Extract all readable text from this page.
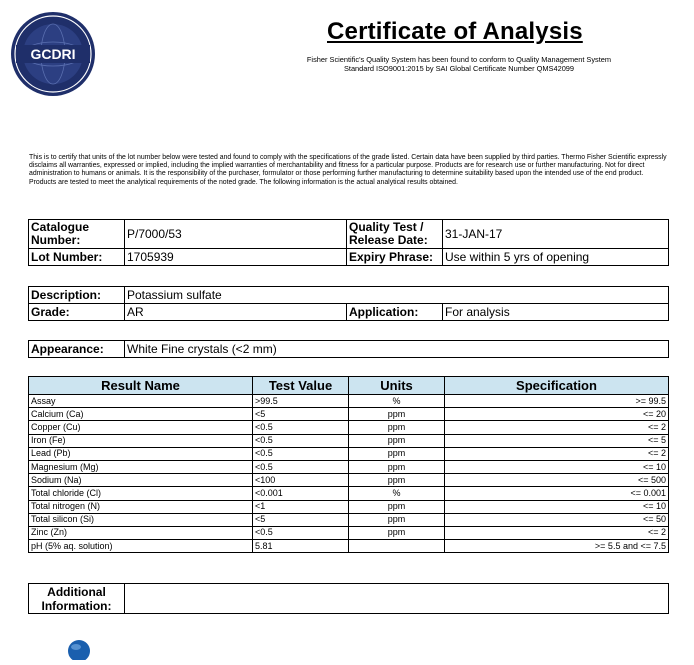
GCDRI
Certificate of Analysis
Fisher Scientific's Quality System has been found to conform to Quality Management System Standard ISO9001:2015 by SAI Global Certificate Number QMS42099
This is to certify that units of the lot number below were tested and found to comply with the specifications of the grade listed. Certain data have been supplied by third parties. Thermo Fisher Scientific expressly disclaims all warranties, expressed or implied, including the implied warranties of merchantability and fitness for a particular purpose. Products are for research use or further manufacturing. Not for direct administration to humans or animals. It is the responsibility of the purchaser, formulator or those performing further manufacturing to determine suitability based upon the intended use of the end product. Products are tested to meet the analytical requirements of the noted grade. The following information is the actual analytical results obtained.
Catalogue Number:	P/7000/53	Quality Test / Release Date:	31-JAN-17
Lot Number:	1705939	Expiry Phrase:	Use within 5 yrs of opening
Description:	Potassium sulfate		
Grade:	AR	Application:	For analysis
Appearance:	White Fine crystals (<2 mm)
Result Name	Test Value	Units	Specification
Assay	>99.5	%	>= 99.5
Calcium (Ca)	<5	ppm	<= 20
Copper (Cu)	<0.5	ppm	<= 2
Iron (Fe)	<0.5	ppm	<= 5
Lead (Pb)	<0.5	ppm	<= 2
Magnesium (Mg)	<0.5	ppm	<= 10
Sodium (Na)	<100	ppm	<= 500
Total chloride (Cl)	<0.001	%	<= 0.001
Total nitrogen (N)	<1	ppm	<= 10
Total silicon (Si)	<5	ppm	<= 50
Zinc (Zn)	<0.5	ppm	<= 2
pH (5% aq. solution)	5.81		>= 5.5 and <= 7.5
Additional Information:	
